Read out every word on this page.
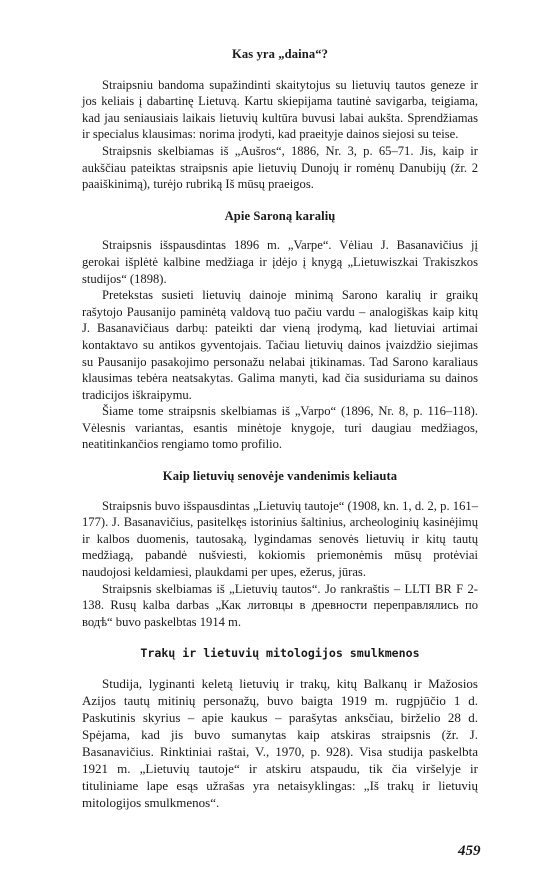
Kas yra „daina“?

Straipsniu bandoma supažindinti skaitytojus su lietuvių tautos geneze ir jos keliais į dabartinę Lietuvą. Kartu skiepijama tautinė savigarba, teigiama, kad jau seniausiais laikais lietuvių kultūra buvusi labai aukšta. Sprendžiamas ir specialus klausimas: norima įrodyti, kad praeityje dainos siejosi su teise.

Straipsnis skelbiamas iš „Aušros“, 1886, Nr. 3, p. 65–71. Jis, kaip ir aukščiau pateiktas straipsnis apie lietuvių Dunojų ir romėnų Danubijų (žr. 2 paaiškinimą), turėjo rubriką Iš mūsų praeigos.

Apie Saroną karalių

Straipsnis išspausdintas 1896 m. „Varpe“. Vėliau J. Basanavičius jį gerokai išplėtė kalbine medžiaga ir įdėjo į knygą „Lietuwiszkai Trakiszkos studijos“ (1898).

Pretekstas susieti lietuvių dainoje minimą Sarono karalių ir graikų rašytojo Pausanijo paminėtą valdovą tuo pačiu vardu – analogiškas kaip kitų J. Basanavičiaus darbų: pateikti dar vieną įrodymą, kad lietuviai artimai kontaktavo su antikos gyventojais. Tačiau lietuvių dainos įvaizdžio siejimas su Pausanijo pasakojimo personažu nelabai įtikinamas. Tad Sarono karaliaus klausimas tebėra neatsakytas. Galima manyti, kad čia susiduriama su dainos tradicijos iškraipymu.

Šiame tome straipsnis skelbiamas iš „Varpo“ (1896, Nr. 8, p. 116–118). Vėlesnis variantas, esantis minėtoje knygoje, turi daugiau medžiagos, neatitinkančios rengiamo tomo profilio.

Kaip lietuvių senovėje vandenimis keliauta

Straipsnis buvo išspausdintas „Lietuvių tautoje“ (1908, kn. 1, d. 2, p. 161–177). J. Basanavičius, pasitelkęs istorinius šaltinius, archeologinių kasinėjimų ir kalbos duomenis, tautosaką, lygindamas senovės lietuvių ir kitų tautų medžiagą, pabandė nušviesti, kokiomis priemonėmis mūsų protėviai naudojosi keldamiesi, plaukdami per upes, ežerus, jūras.

Straipsnis skelbiamas iš „Lietuvių tautos“. Jo rankraštis – LLTI BR F 2-138. Rusų kalba darbas „Как литовцы в древности переправлялись по водѣ“ buvo paskelbtas 1914 m.

Trakų ir lietuvių mitologijos smulkmenos

Studija, lyginanti keletą lietuvių ir trakų, kitų Balkanų ir Mažosios Azijos tautų mitinių personažų, buvo baigta 1919 m. rugpjūčio 1 d. Paskutinis skyrius – apie kaukus – parašytas anksčiau, birželio 28 d. Spėjama, kad jis buvo sumanytas kaip atskiras straipsnis (žr. J. Basanavičius. Rinktiniai raštai, V., 1970, p. 928). Visa studija paskelbta 1921 m. „Lietuvių tautoje“ ir atskiru atspaudu, tik čia viršelyje ir tituliniame lape esąs užrašas yra netaisyklingas: „Iš trakų ir lietuvių mitologijos smulkmenos“.

459
